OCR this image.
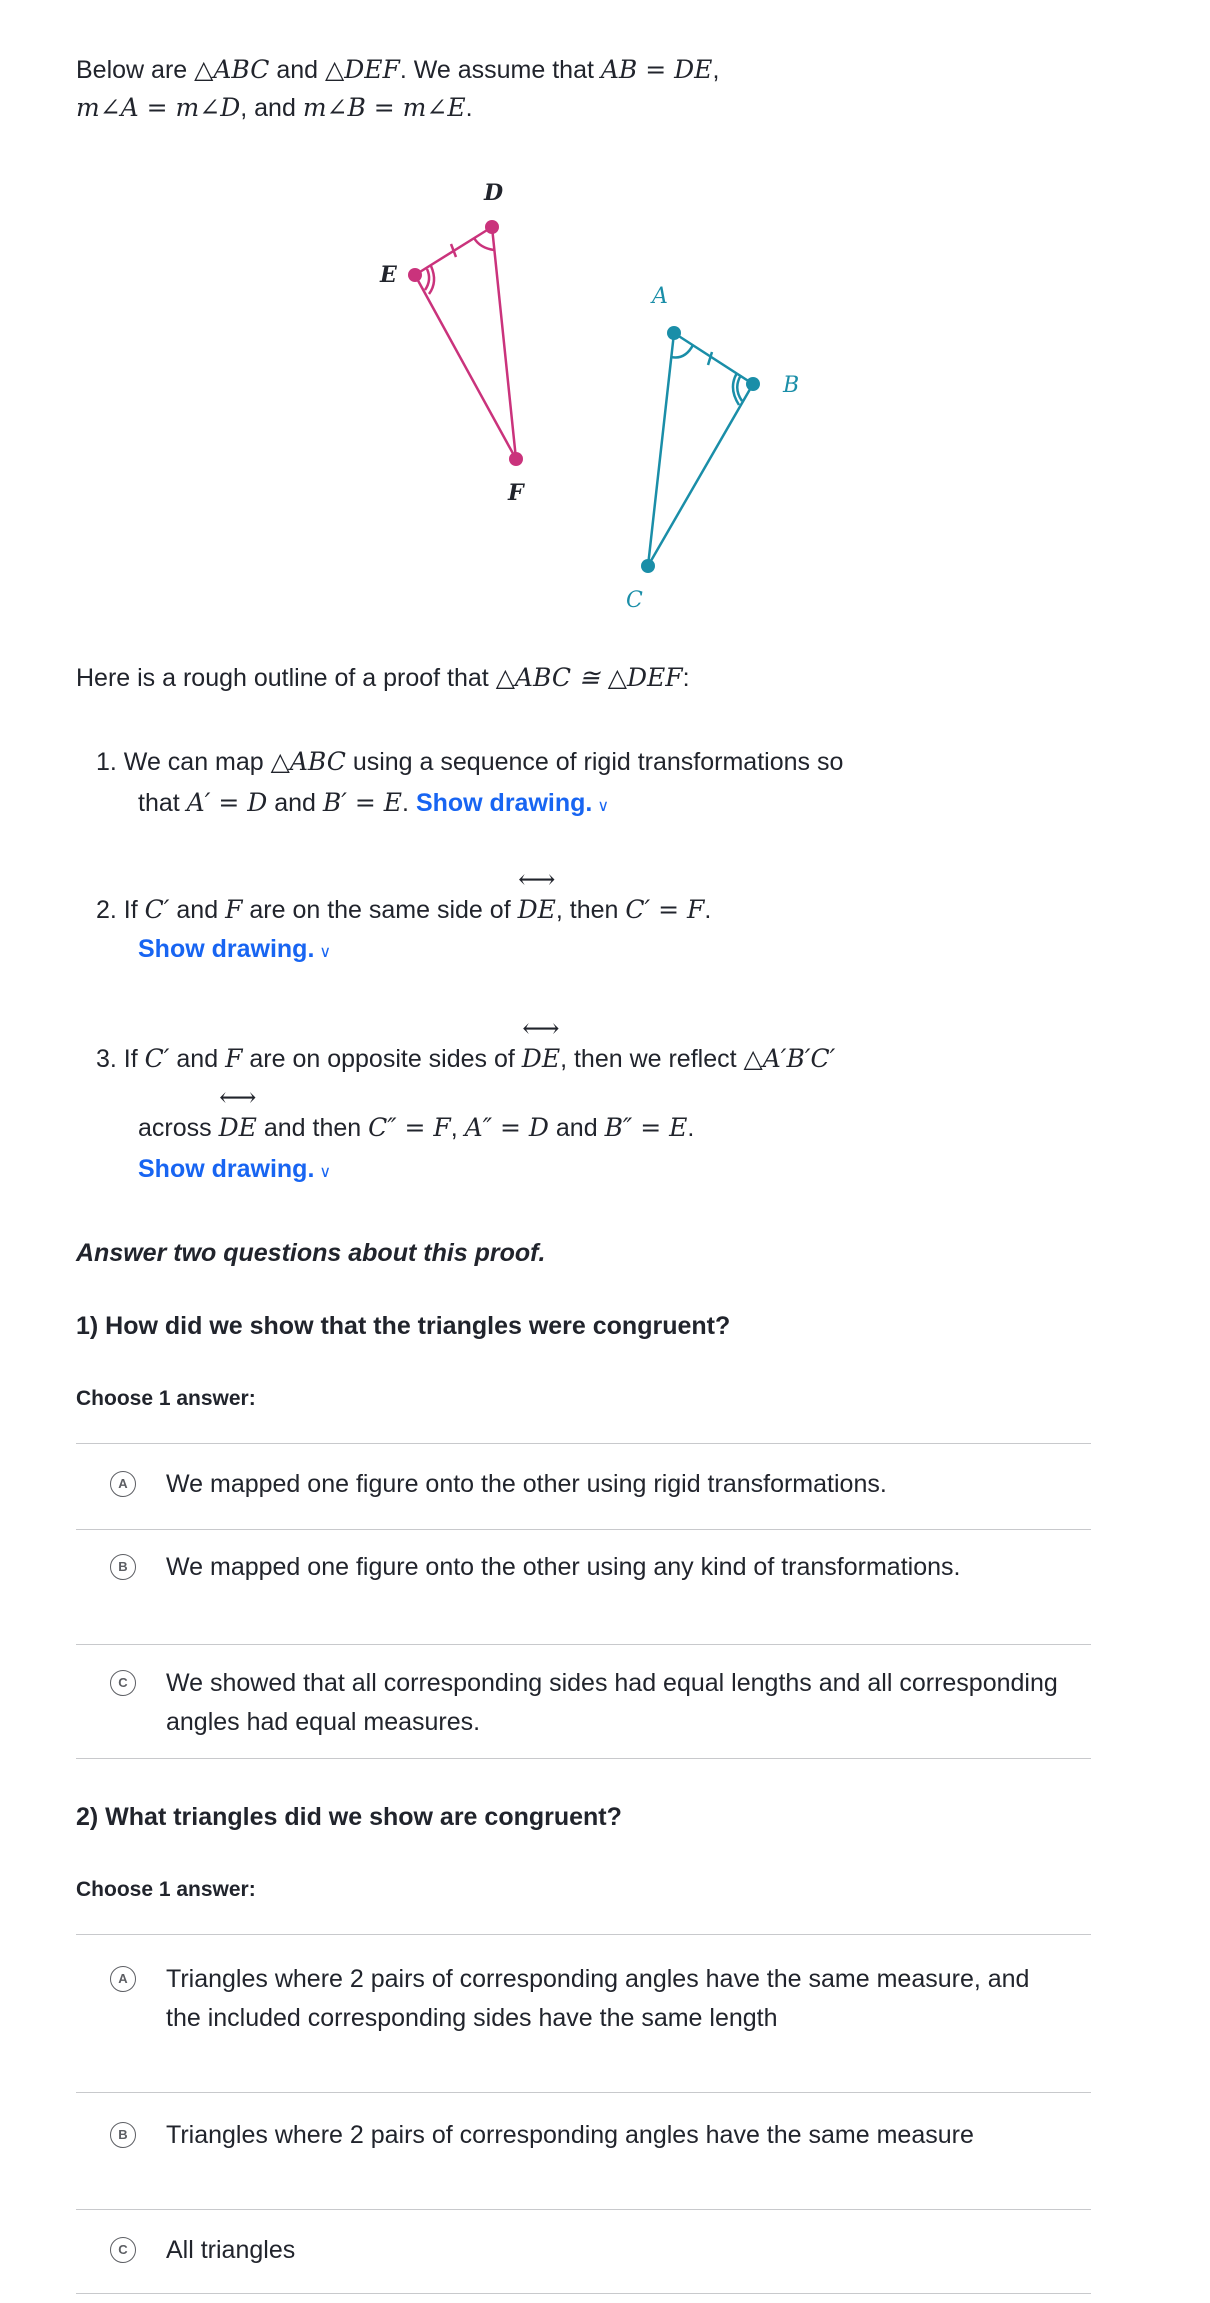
Below are △ABC and △DEF. We assume that AB = DE,
m∠A = m∠D, and m∠B = m∠E.
D
E
F
A
B
C
Here is a rough outline of a proof that △ABC ≅ △DEF:
1. We can map △ABC using a sequence of rigid transformations so
that A′ = D and B′ = E. Show drawing. ∨
2. If C′ and F are on the same side of ⟷ DE, then C′ = F.
Show drawing. ∨
3. If C′ and F are on opposite sides of ⟷ DE, then we reflect △A′B′C′
across ⟷ DE and then C″ = F, A″ = D and B″ = E.
Show drawing. ∨
Answer two questions about this proof.
1) How did we show that the triangles were congruent?
Choose 1 answer:
A	We mapped one figure onto the other using rigid transformations.
B	We mapped one figure onto the other using any kind of transformations.
C	We showed that all corresponding sides had equal lengths and all corresponding angles had equal measures.
2) What triangles did we show are congruent?
Choose 1 answer:
A	Triangles where 2 pairs of corresponding angles have the same measure, and the included corresponding sides have the same length
B	Triangles where 2 pairs of corresponding angles have the same measure
C	All triangles
